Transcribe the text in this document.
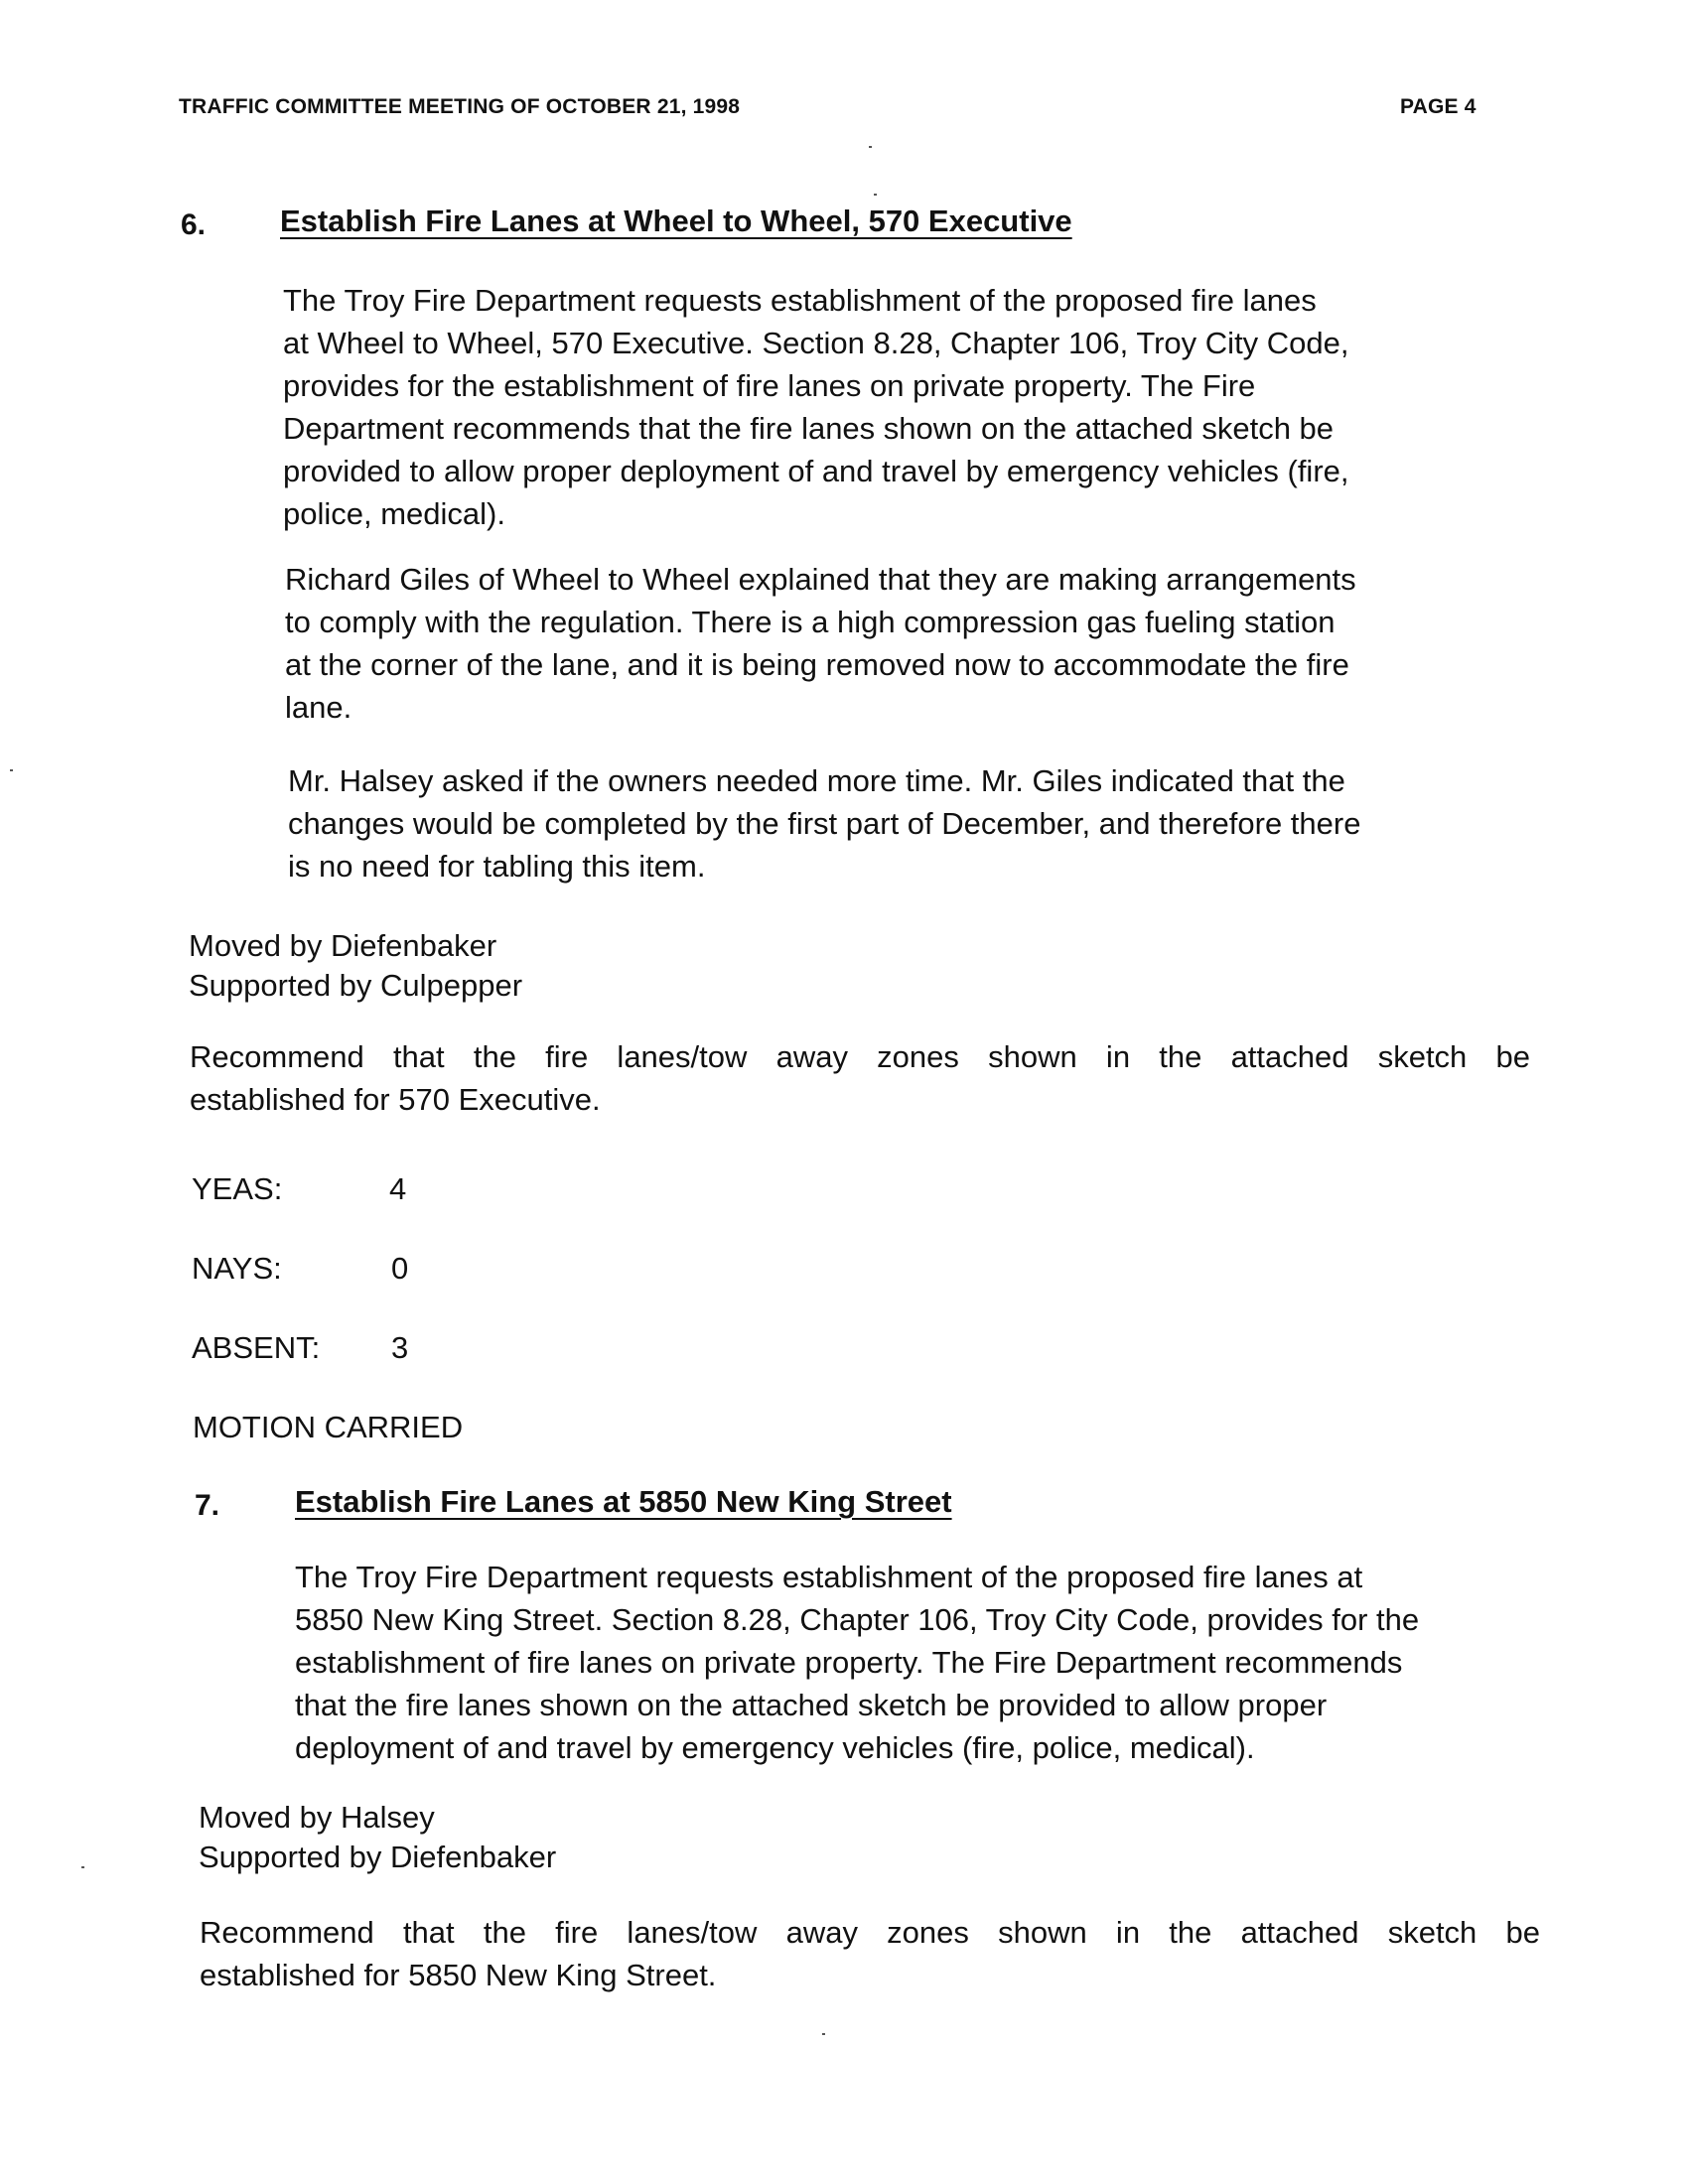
TRAFFIC COMMITTEE MEETING OF OCTOBER 21, 1998	PAGE 4
6. Establish Fire Lanes at Wheel to Wheel, 570 Executive
The Troy Fire Department requests establishment of the proposed fire lanes
at Wheel to Wheel, 570 Executive. Section 8.28, Chapter 106, Troy City Code,
provides for the establishment of fire lanes on private property. The Fire
Department recommends that the fire lanes shown on the attached sketch be
provided to allow proper deployment of and travel by emergency vehicles (fire,
police, medical).
Richard Giles of Wheel to Wheel explained that they are making arrangements
to comply with the regulation. There is a high compression gas fueling station
at the corner of the lane, and it is being removed now to accommodate the fire
lane.
Mr. Halsey asked if the owners needed more time. Mr. Giles indicated that the
changes would be completed by the first part of December, and therefore there
is no need for tabling this item.
Moved by Diefenbaker
Supported by Culpepper
Recommend that the fire lanes/tow away zones shown in the attached sketch be
established for 570 Executive.
YEAS:	4
NAYS:	0
ABSENT: 3
MOTION CARRIED
7. Establish Fire Lanes at 5850 New King Street
The Troy Fire Department requests establishment of the proposed fire lanes at
5850 New King Street. Section 8.28, Chapter 106, Troy City Code, provides for the
establishment of fire lanes on private property. The Fire Department recommends
that the fire lanes shown on the attached sketch be provided to allow proper
deployment of and travel by emergency vehicles (fire, police, medical).
Moved by Halsey
Supported by Diefenbaker
Recommend that the fire lanes/tow away zones shown in the attached sketch be
established for 5850 New King Street.
